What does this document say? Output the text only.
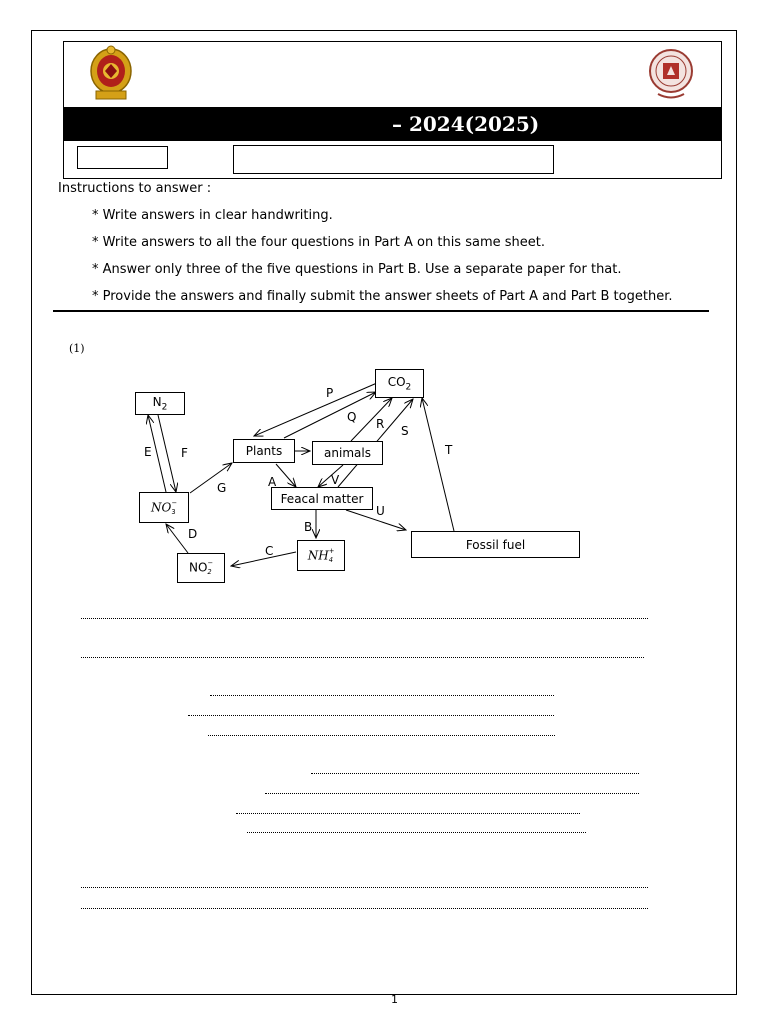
– 2024(2025)
Instructions to answer :
* Write answers in clear handwriting.
* Write answers to all the four questions in Part A on this same sheet.
* Answer only three of the five questions in Part B. Use a separate paper for that.
* Provide the answers and finally submit the answer sheets of Part A and Part B together.
(1)
$CO_2$
$N_2$
Plants	animals
Feacal matter
NO −
3
Fossil fuel
NH +
4
NO −
2
P
Q R S
T
E F
G	A	V
U
B
D
C
1
